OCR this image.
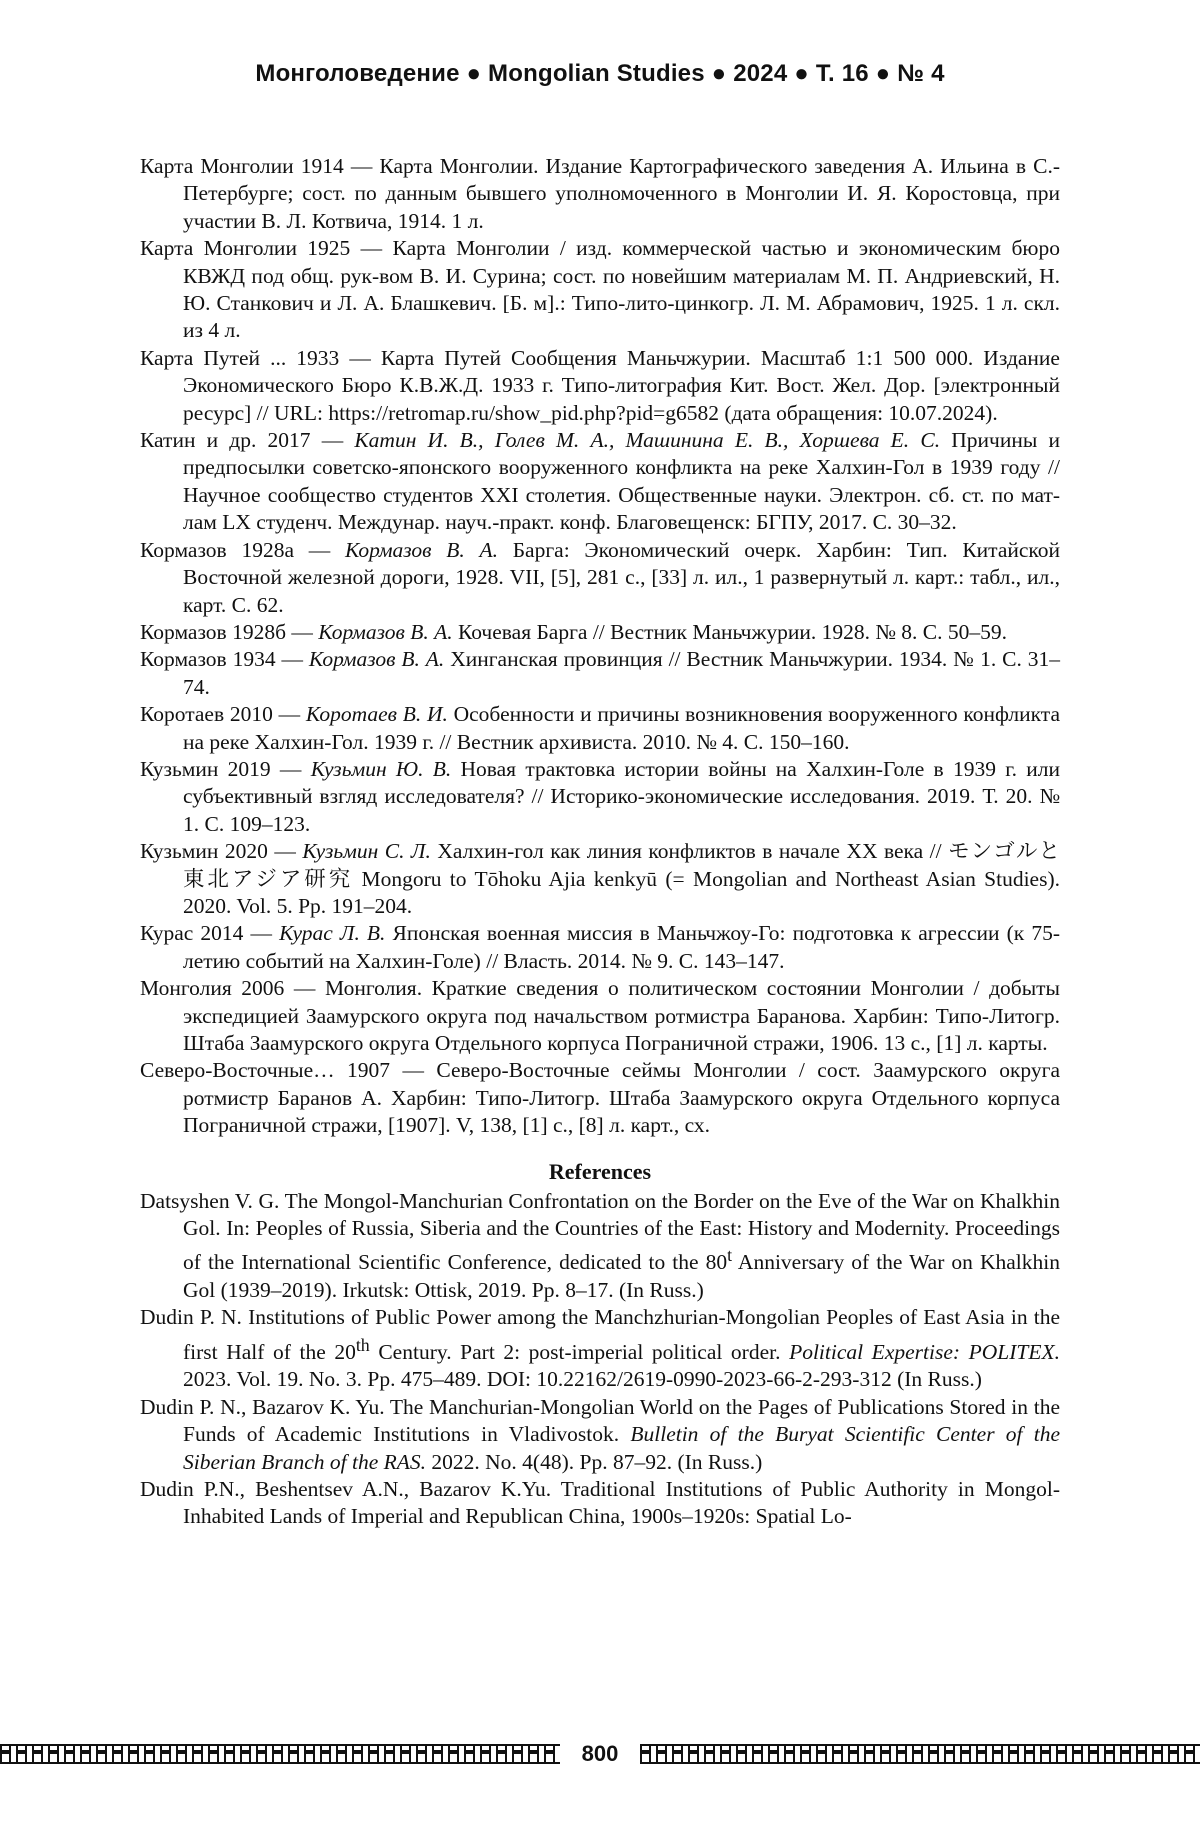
Монголоведение ● Mongolian Studies ● 2024 ● Т. 16 ● № 4

Карта Монголии 1914 — Карта Монголии. Издание Картографического заведения А. Ильина в С.-Петербурге; сост. по данным бывшего уполномоченного в Монголии И. Я. Коростовца, при участии В. Л. Котвича, 1914. 1 л.

Карта Монголии 1925 — Карта Монголии / изд. коммерческой частью и экономическим бюро КВЖД под общ. рук-вом В. И. Сурина; сост. по новейшим материалам М. П. Андриевский, Н. Ю. Станкович и Л. А. Блашкевич. [Б. м].: Типо-лито-цинкогр. Л. М. Абрамович, 1925. 1 л. скл. из 4 л.

Карта Путей ... 1933 — Карта Путей Сообщения Маньчжурии. Масштаб 1:1 500 000. Издание Экономического Бюро К.В.Ж.Д. 1933 г. Типо-литография Кит. Вост. Жел. Дор. [электронный ресурс] // URL: https://retromap.ru/show_pid.php?pid=g6582 (дата обращения: 10.07.2024).

Катин и др. 2017 — Катин И. В., Голев М. А., Машинина Е. В., Хоршева Е. С. Причины и предпосылки советско-японского вооруженного конфликта на реке Халхин-Гол в 1939 году // Научное сообщество студентов XXI столетия. Общественные науки. Электрон. сб. ст. по мат-лам LX студенч. Междунар. науч.-практ. конф. Благовещенск: БГПУ, 2017. С. 30–32.

Кормазов 1928а — Кормазов В. А. Барга: Экономический очерк. Харбин: Тип. Китайской Восточной железной дороги, 1928. VII, [5], 281 с., [33] л. ил., 1 развернутый л. карт.: табл., ил., карт. С. 62.

Кормазов 1928б — Кормазов В. А. Кочевая Барга // Вестник Маньчжурии. 1928. № 8. С. 50–59.

Кормазов 1934 — Кормазов В. А. Хинганская провинция // Вестник Маньчжурии. 1934. № 1. С. 31–74.

Коротаев 2010 — Коротаев В. И. Особенности и причины возникновения вооруженного конфликта на реке Халхин-Гол. 1939 г. // Вестник архивиста. 2010. № 4. С. 150–160.

Кузьмин 2019 — Кузьмин Ю. В. Новая трактовка истории войны на Халхин-Голе в 1939 г. или субъективный взгляд исследователя? // Историко-экономические исследования. 2019. Т. 20. № 1. С. 109–123.

Кузьмин 2020 — Кузьмин С. Л. Халхин-гол как линия конфликтов в начале XX века // モンゴルと東北アジア研究 Mongoru to Tōhoku Ajia kenkyū (= Mongolian and Northeast Asian Studies). 2020. Vol. 5. Pp. 191–204.

Курас 2014 — Курас Л. В. Японская военная миссия в Маньчжоу-Го: подготовка к агрессии (к 75-летию событий на Халхин-Голе) // Власть. 2014. № 9. С. 143–147.

Монголия 2006 — Монголия. Краткие сведения о политическом состоянии Монголии / добыты экспедицией Заамурского округа под начальством ротмистра Баранова. Харбин: Типо-Литогр. Штаба Заамурского округа Отдельного корпуса Пограничной стражи, 1906. 13 с., [1] л. карты.

Северо-Восточные… 1907 — Северо-Восточные сеймы Монголии / сост. Заамурского округа ротмистр Баранов А. Харбин: Типо-Литогр. Штаба Заамурского округа Отдельного корпуса Пограничной стражи, [1907]. V, 138, [1] с., [8] л. карт., сх.

References

Datsyshen V. G. The Mongol-Manchurian Confrontation on the Border on the Eve of the War on Khalkhin Gol. In: Peoples of Russia, Siberia and the Countries of the East: History and Modernity. Proceedings of the International Scientific Conference, dedicated to the 80$^t$ Anniversary of the War on Khalkhin Gol (1939–2019). Irkutsk: Ottisk, 2019. Pp. 8–17. (In Russ.)

Dudin P. N. Institutions of Public Power among the Manchzhurian-Mongolian Peoples of East Asia in the first Half of the 20th Century. Part 2: post-imperial political order. Political Expertise: POLITEX. 2023. Vol. 19. No. 3. Pp. 475–489. DOI: 10.22162/2619-0990-2023-66-2-293-312 (In Russ.)

Dudin P. N., Bazarov K. Yu. The Manchurian-Mongolian World on the Pages of Publications Stored in the Funds of Academic Institutions in Vladivostok. Bulletin of the Buryat Scientific Center of the Siberian Branch of the RAS. 2022. No. 4(48). Pp. 87–92. (In Russ.)

Dudin P.N., Beshentsev A.N., Bazarov K.Yu. Traditional Institutions of Public Authority in Mongol-Inhabited Lands of Imperial and Republican China, 1900s–1920s: Spatial Lo-

800
